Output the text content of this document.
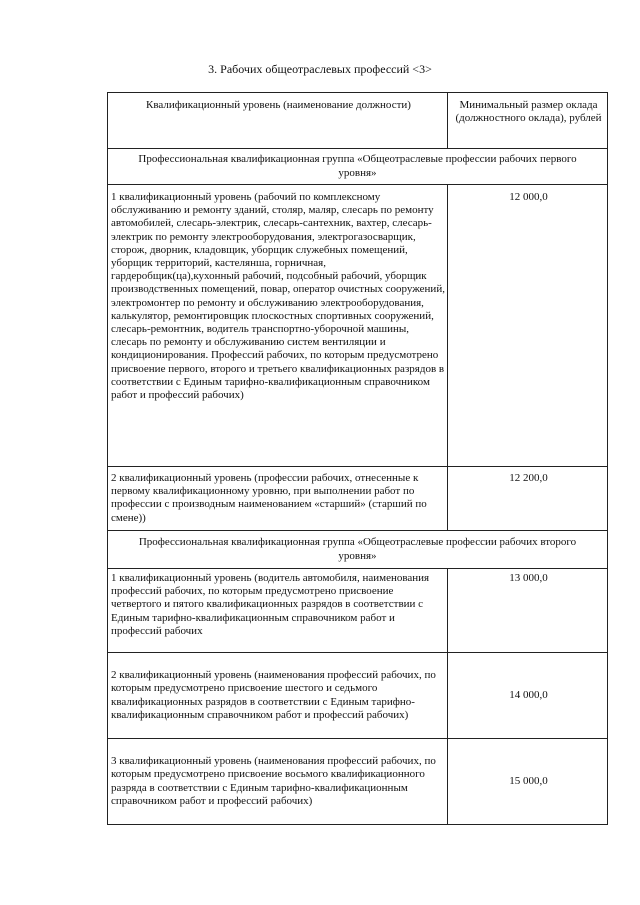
3. Рабочих общеотраслевых профессий <3>
Квалификационный уровень (наименование должности)	Минимальный размер оклада (должностного оклада), рублей
Профессиональная квалификационная группа «Общеотраслевые профессии рабочих первого уровня»	
1 квалификационный уровень (рабочий по комплексному обслуживанию и ремонту зданий, столяр, маляр, слесарь по ремонту автомобилей, слесарь-электрик, слесарь-сантехник, вахтер, слесарь-электрик по ремонту электрооборудования, электрогазосварщик, сторож, дворник, кладовщик, уборщик служебных помещений, уборщик территорий, кастелянша, горничная, гардеробщик(ца),кухонный рабочий, подсобный рабочий, уборщик производственных помещений, повар, оператор очистных сооружений, электромонтер по ремонту и обслуживанию электрооборудования, калькулятор, ремонтировщик плоскостных спортивных сооружений, слесарь-ремонтник, водитель транспортно-уборочной машины, слесарь по ремонту и обслуживанию систем вентиляции и кондиционирования. Профессий рабочих, по которым предусмотрено присвоение первого, второго и третьего квалификационных разрядов в соответствии с Единым тарифно-квалификационным справочником работ и профессий рабочих)	12 000,0
2 квалификационный уровень (профессии рабочих, отнесенные к первому квалификационному уровню, при выполнении работ по профессии с производным наименованием «старший» (старший по смене))	12 200,0
Профессиональная квалификационная группа «Общеотраслевые профессии рабочих второго уровня»	
1 квалификационный уровень (водитель автомобиля, наименования профессий рабочих, по которым предусмотрено присвоение четвертого и пятого квалификационных разрядов в соответствии с Единым тарифно-квалификационным справочником работ и профессий рабочих	13 000,0
2 квалификационный уровень (наименования профессий рабочих, по которым предусмотрено присвоение шестого и седьмого квалификационных разрядов в соответствии с Единым тарифно-квалификационным справочником работ и профессий рабочих)	14 000,0
3 квалификационный уровень (наименования профессий рабочих, по которым предусмотрено присвоение восьмого квалификационного разряда в соответствии с Единым тарифно-квалификационным справочником работ и профессий рабочих)	15 000,0
